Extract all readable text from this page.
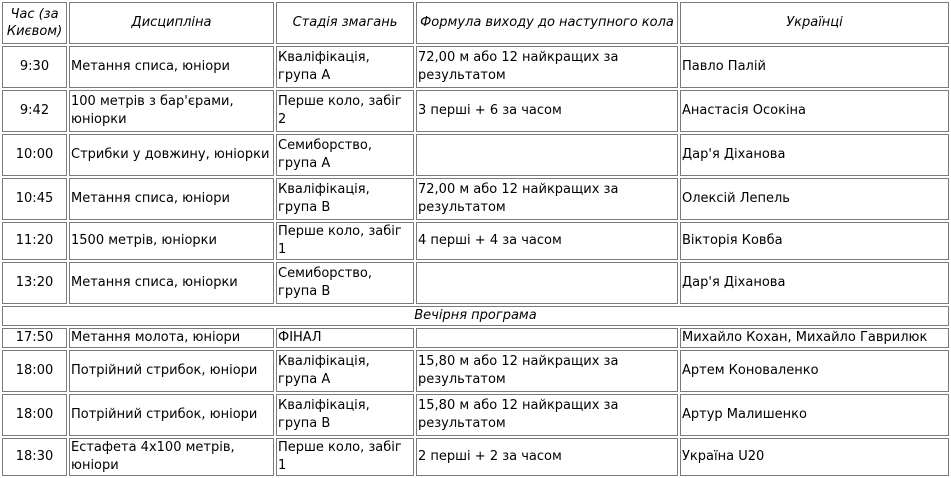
Час (за Києвом)	Дисципліна	Стадія змагань	Формула виходу до наступного кола	Українці
9:30	Метання списа, юніори	Кваліфікація, група А	72,00 м або 12 найкращих за результатом	Павло Палій
9:42	100 метрів з бар'єрами, юніорки	Перше коло, забіг 2	3 перші + 6 за часом	Анастасія Осокіна
10:00	Стрибки у довжину, юніорки	Семиборство, група А		Дар'я Діханова
10:45	Метання списа, юніори	Кваліфікація, група В	72,00 м або 12 найкращих за результатом	Олексій Лепель
11:20	1500 метрів, юніорки	Перше коло, забіг 1	4 перші + 4 за часом	Вікторія Ковба
13:20	Метання списа, юніорки	Семиборство, група В		Дар'я Діханова
Вечірня програма				
17:50	Метання молота, юніори	ФІНАЛ		Михайло Кохан, Михайло Гаврилюк
18:00	Потрійний стрибок, юніори	Кваліфікація, група А	15,80 м або 12 найкращих за результатом	Артем Коноваленко
18:00	Потрійний стрибок, юніори	Кваліфікація, група В	15,80 м або 12 найкращих за результатом	Артур Малишенко
18:30	Естафета 4х100 метрів, юніори	Перше коло, забіг 1	2 перші + 2 за часом	Україна U20
